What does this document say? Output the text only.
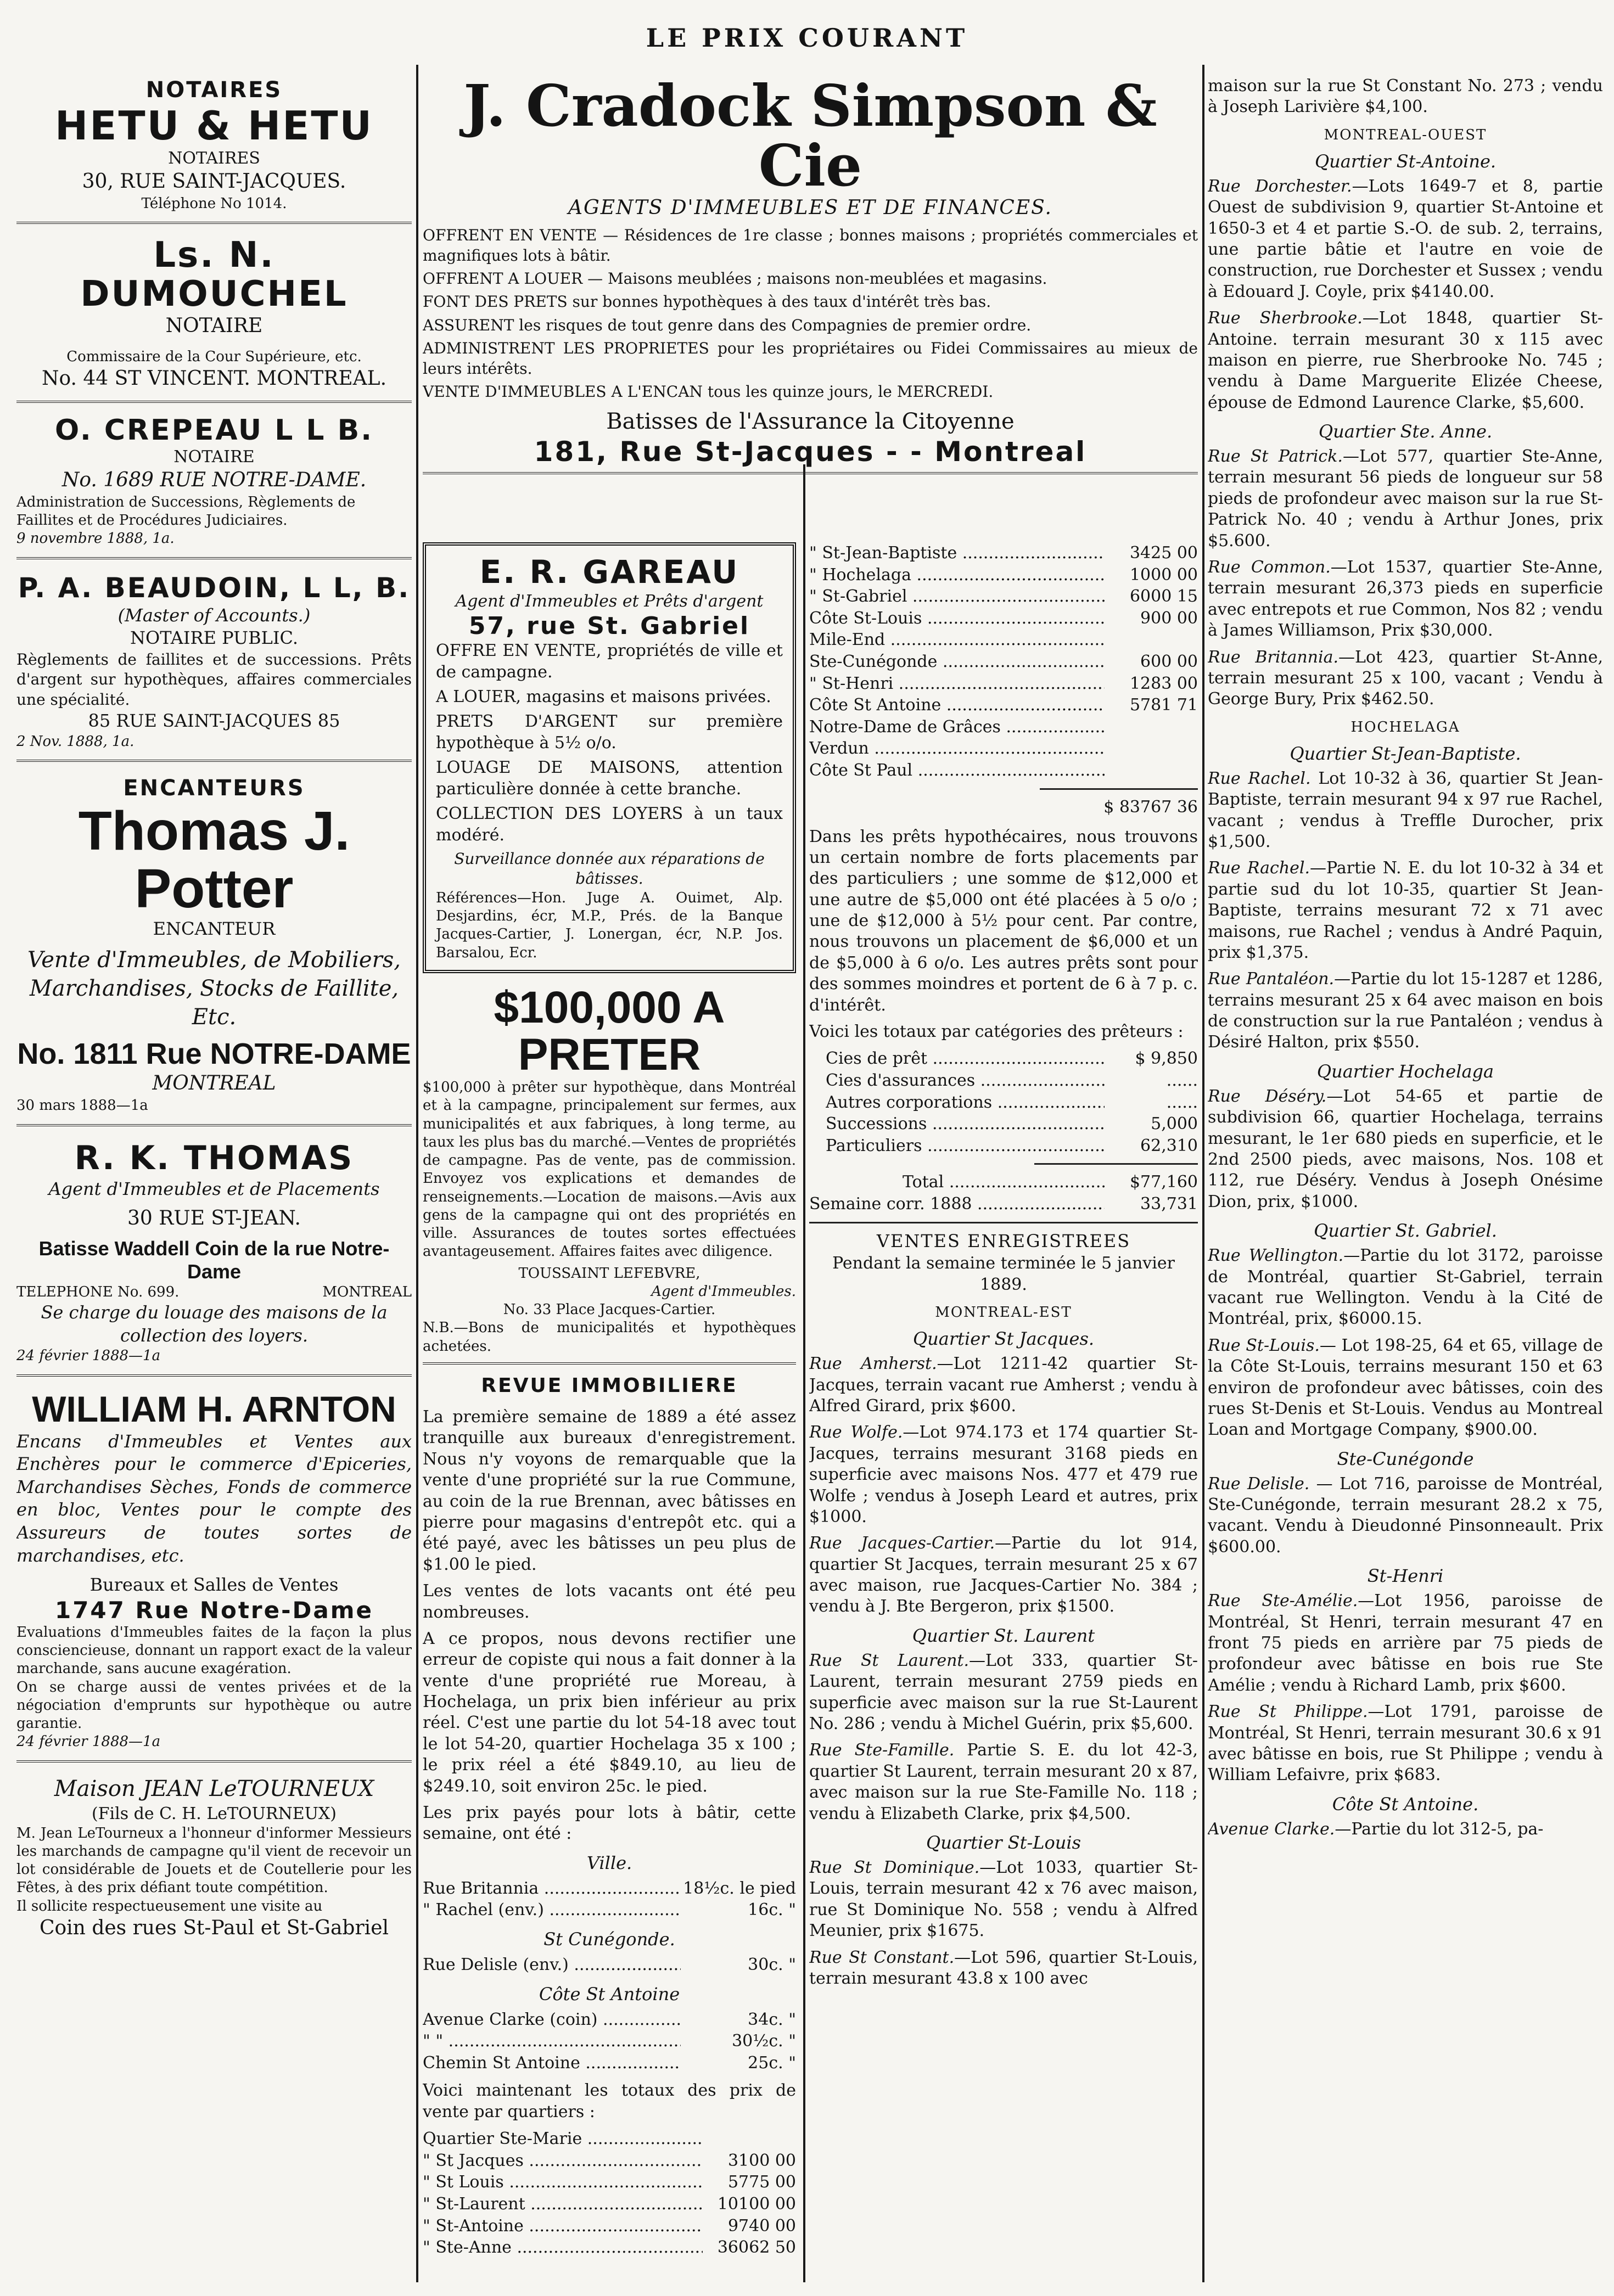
LE PRIX COURANT
NOTAIRES
HETU & HETU
NOTAIRES
30, RUE SAINT-JACQUES.
Téléphone No 1014.
Ls. N. DUMOUCHEL
NOTAIRE
Commissaire de la Cour Supérieure, etc.
No. 44 ST VINCENT. MONTREAL.
O. CREPEAU L L B.
NOTAIRE
No. 1689 RUE NOTRE-DAME.
Administration de Successions, Règlements de Faillites et de Procédures Judiciaires.
9 novembre 1888, 1a.
P. A. BEAUDOIN, L L, B.
(Master of Accounts.)
NOTAIRE PUBLIC.
Règlements de faillites et de successions. Prêts d'argent sur hypothèques, affaires commerciales une spécialité.
85 RUE SAINT-JACQUES 85
2 Nov. 1888, 1a.
ENCANTEURS
Thomas J. Potter
ENCANTEUR
Vente d'Immeubles, de Mobiliers, Marchandises, Stocks de Faillite, Etc.
No. 1811 Rue NOTRE-DAME
MONTREAL
30 mars 1888—1a
R. K. THOMAS
Agent d'Immeubles et de Placements
30 RUE ST-JEAN.
Batisse Waddell Coin de la rue Notre-Dame
TELEPHONE No. 699.	MONTREAL
Se charge du louage des maisons de la collection des loyers.
24 février 1888—1a
WILLIAM H. ARNTON
Encans d'Immeubles et Ventes aux Enchères pour le commerce d'Epiceries, Marchandises Sèches, Fonds de commerce en bloc, Ventes pour le compte des Assureurs de toutes sortes de marchandises, etc.
Bureaux et Salles de Ventes
1747 Rue Notre-Dame
Evaluations d'Immeubles faites de la façon la plus consciencieuse, donnant un rapport exact de la valeur marchande, sans aucune exagération.
On se charge aussi de ventes privées et de la négociation d'emprunts sur hypothèque ou autre garantie.
24 février 1888—1a
Maison JEAN LeTOURNEUX
(Fils de C. H. LeTOURNEUX)
M. Jean LeTourneux a l'honneur d'informer Messieurs les marchands de campagne qu'il vient de recevoir un lot considérable de Jouets et de Coutellerie pour les Fêtes, à des prix défiant toute compétition.
Il sollicite respectueusement une visite au
Coin des rues St-Paul et St-Gabriel
J. Cradock Simpson & Cie
AGENTS D'IMMEUBLES ET DE FINANCES.

OFFRENT EN VENTE — Résidences de 1re classe ; bonnes maisons ; propriétés commerciales et magnifiques lots à bâtir.

OFFRENT A LOUER — Maisons meublées ; maisons non-meublées et magasins.

FONT DES PRETS sur bonnes hypothèques à des taux d'intérêt très bas.

ASSURENT les risques de tout genre dans des Compagnies de premier ordre.

ADMINISTRENT LES PROPRIETES pour les propriétaires ou Fidei Commissaires au mieux de leurs intérêts.

VENTE D'IMMEUBLES A L'ENCAN tous les quinze jours, le MERCREDI.

Batisses de l'Assurance la Citoyenne
181, Rue St-Jacques - - Montreal
E. R. GAREAU
Agent d'Immeubles et Prêts d'argent
57, rue St. Gabriel

OFFRE EN VENTE, propriétés de ville et de campagne.

A LOUER, magasins et maisons privées.

PRETS D'ARGENT sur première hypothèque à 5½ o/o.

LOUAGE DE MAISONS, attention particulière donnée à cette branche.

COLLECTION DES LOYERS à un taux modéré.

Surveillance donnée aux réparations de bâtisses.
Références—Hon. Juge A. Ouimet, Alp. Desjardins, écr, M.P., Prés. de la Banque Jacques-Cartier, J. Lonergan, écr, N.P. Jos. Barsalou, Ecr.
$100,000 A PRETER
$100,000 à prêter sur hypothèque, dans Montréal et à la campagne, principalement sur fermes, aux municipalités et aux fabriques, à long terme, au taux les plus bas du marché.—Ventes de propriétés de campagne. Pas de vente, pas de commission. Envoyez vos explications et demandes de renseignements.—Location de maisons.—Avis aux gens de la campagne qui ont des propriétés en ville. Assurances de toutes sortes effectuées avantageusement. Affaires faites avec diligence.
TOUSSAINT LEFEBVRE,
Agent d'Immeubles.
No. 33 Place Jacques-Cartier.
N.B.—Bons de municipalités et hypothèques achetées.
REVUE IMMOBILIERE
La première semaine de 1889 a été assez tranquille aux bureaux d'enregistrement. Nous n'y voyons de remarquable que la vente d'une propriété sur la rue Commune, au coin de la rue Brennan, avec bâtisses en pierre pour magasins d'entrepôt etc. qui a été payé, avec les bâtisses un peu plus de $1.00 le pied.
Les ventes de lots vacants ont été peu nombreuses.
A ce propos, nous devons rectifier une erreur de copiste qui nous a fait donner à la vente d'une propriété rue Moreau, à Hochelaga, un prix bien inférieur au prix réel. C'est une partie du lot 54-18 avec tout le lot 54-20, quartier Hochelaga 35 x 100 ; le prix réel a été $849.10, au lieu de $249.10, soit environ 25c. le pied.
Les prix payés pour lots à bâtir, cette semaine, ont été :
Ville.
Rue Britannia .....	18½c. le pied
" Rachel (env.) .....	16c. "
St Cunégonde.
Rue Delisle (env.) .....	30c. "
Côte St Antoine
Avenue Clarke (coin) .....	34c. "
" " .....	30½c. "
Chemin St Antoine .....	25c. "
Voici maintenant les totaux des prix de vente par quartiers :
Quartier Ste-Marie .....
" St Jacques .....	3100 00
" St Louis .....	5775 00
" St-Laurent .....	10100 00
" St-Antoine .....	9740 00
" Ste-Anne .....	36062 50
" St-Jean-Baptiste .....	3425 00
" Hochelaga .....	1000 00
" St-Gabriel .....	6000 15
Côte St-Louis .....	900 00
Mile-End .....
Ste-Cunégonde .....	600 00
" St-Henri .....	1283 00
Côte St Antoine .....	5781 71
Notre-Dame de Grâces .....
Verdun .....
Côte St Paul .....
$ 83767 36
Dans les prêts hypothécaires, nous trouvons un certain nombre de forts placements par des particuliers ; une somme de $12,000 et une autre de $5,000 ont été placées à 5 o/o ; une de $12,000 à 5½ pour cent. Par contre, nous trouvons un placement de $6,000 et un de $5,000 à 6 o/o. Les autres prêts sont pour des sommes moindres et portent de 6 à 7 p. c. d'intérêt.
Voici les totaux par catégories des prêteurs :
Cies de prêt .....	$ 9,850
Cies d'assurances .....	......
Autres corporations .....	......
Successions .....	5,000
Particuliers .....	62,310
Total .....	$77,160
Semaine corr. 1888 .....	33,731
VENTES ENREGISTREES
Pendant la semaine terminée le 5 janvier 1889.
MONTREAL-EST
Quartier St Jacques.
Rue Amherst.—Lot 1211-42 quartier St-Jacques, terrain vacant rue Amherst ; vendu à Alfred Girard, prix $600.
Rue Wolfe.—Lot 974.173 et 174 quartier St-Jacques, terrains mesurant 3168 pieds en superficie avec maisons Nos. 477 et 479 rue Wolfe ; vendus à Joseph Leard et autres, prix $1000.
Rue Jacques-Cartier.—Partie du lot 914, quartier St Jacques, terrain mesurant 25 x 67 avec maison, rue Jacques-Cartier No. 384 ; vendu à J. Bte Bergeron, prix $1500.
Quartier St. Laurent
Rue St Laurent.—Lot 333, quartier St-Laurent, terrain mesurant 2759 pieds en superficie avec maison sur la rue St-Laurent No. 286 ; vendu à Michel Guérin, prix $5,600.
Rue Ste-Famille. Partie S. E. du lot 42-3, quartier St Laurent, terrain mesurant 20 x 87, avec maison sur la rue Ste-Famille No. 118 ; vendu à Elizabeth Clarke, prix $4,500.
Quartier St-Louis
Rue St Dominique.—Lot 1033, quartier St-Louis, terrain mesurant 42 x 76 avec maison, rue St Dominique No. 558 ; vendu à Alfred Meunier, prix $1675.
Rue St Constant.—Lot 596, quartier St-Louis, terrain mesurant 43.8 x 100 avec
maison sur la rue St Constant No. 273 ; vendu à Joseph Larivière $4,100.
MONTREAL-OUEST
Quartier St-Antoine.
Rue Dorchester.—Lots 1649-7 et 8, partie Ouest de subdivision 9, quartier St-Antoine et 1650-3 et 4 et partie S.-O. de sub. 2, terrains, une partie bâtie et l'autre en voie de construction, rue Dorchester et Sussex ; vendu à Edouard J. Coyle, prix $4140.00.
Rue Sherbrooke.—Lot 1848, quartier St-Antoine. terrain mesurant 30 x 115 avec maison en pierre, rue Sherbrooke No. 745 ; vendu à Dame Marguerite Elizée Cheese, épouse de Edmond Laurence Clarke, $5,600.
Quartier Ste. Anne.
Rue St Patrick.—Lot 577, quartier Ste-Anne, terrain mesurant 56 pieds de longueur sur 58 pieds de profondeur avec maison sur la rue St-Patrick No. 40 ; vendu à Arthur Jones, prix $5.600.
Rue Common.—Lot 1537, quartier Ste-Anne, terrain mesurant 26,373 pieds en superficie avec entrepots et rue Common, Nos 82 ; vendu à James Williamson, Prix $30,000.
Rue Britannia.—Lot 423, quartier St-Anne, terrain mesurant 25 x 100, vacant ; Vendu à George Bury, Prix $462.50.
HOCHELAGA
Quartier St-Jean-Baptiste.
Rue Rachel. Lot 10-32 à 36, quartier St Jean-Baptiste, terrain mesurant 94 x 97 rue Rachel, vacant ; vendus à Treffle Durocher, prix $1,500.
Rue Rachel.—Partie N. E. du lot 10-32 à 34 et partie sud du lot 10-35, quartier St Jean-Baptiste, terrains mesurant 72 x 71 avec maisons, rue Rachel ; vendus à André Paquin, prix $1,375.
Rue Pantaléon.—Partie du lot 15-1287 et 1286, terrains mesurant 25 x 64 avec maison en bois de construction sur la rue Pantaléon ; vendus à Désiré Halton, prix $550.
Quartier Hochelaga
Rue Déséry.—Lot 54-65 et partie de subdivision 66, quartier Hochelaga, terrains mesurant, le 1er 680 pieds en superficie, et le 2nd 2500 pieds, avec maisons, Nos. 108 et 112, rue Déséry. Vendus à Joseph Onésime Dion, prix, $1000.
Quartier St. Gabriel.
Rue Wellington.—Partie du lot 3172, paroisse de Montréal, quartier St-Gabriel, terrain vacant rue Wellington. Vendu à la Cité de Montréal, prix, $6000.15.
Rue St-Louis.— Lot 198-25, 64 et 65, village de la Côte St-Louis, terrains mesurant 150 et 63 environ de profondeur avec bâtisses, coin des rues St-Denis et St-Louis. Vendus au Montreal Loan and Mortgage Company, $900.00.
Ste-Cunégonde
Rue Delisle. — Lot 716, paroisse de Montréal, Ste-Cunégonde, terrain mesurant 28.2 x 75, vacant. Vendu à Dieudonné Pinsonneault. Prix $600.00.
St-Henri
Rue Ste-Amélie.—Lot 1956, paroisse de Montréal, St Henri, terrain mesurant 47 en front 75 pieds en arrière par 75 pieds de profondeur avec bâtisse en bois rue Ste Amélie ; vendu à Richard Lamb, prix $600.
Rue St Philippe.—Lot 1791, paroisse de Montréal, St Henri, terrain mesurant 30.6 x 91 avec bâtisse en bois, rue St Philippe ; vendu à William Lefaivre, prix $683.
Côte St Antoine.
Avenue Clarke.—Partie du lot 312-5, pa-
